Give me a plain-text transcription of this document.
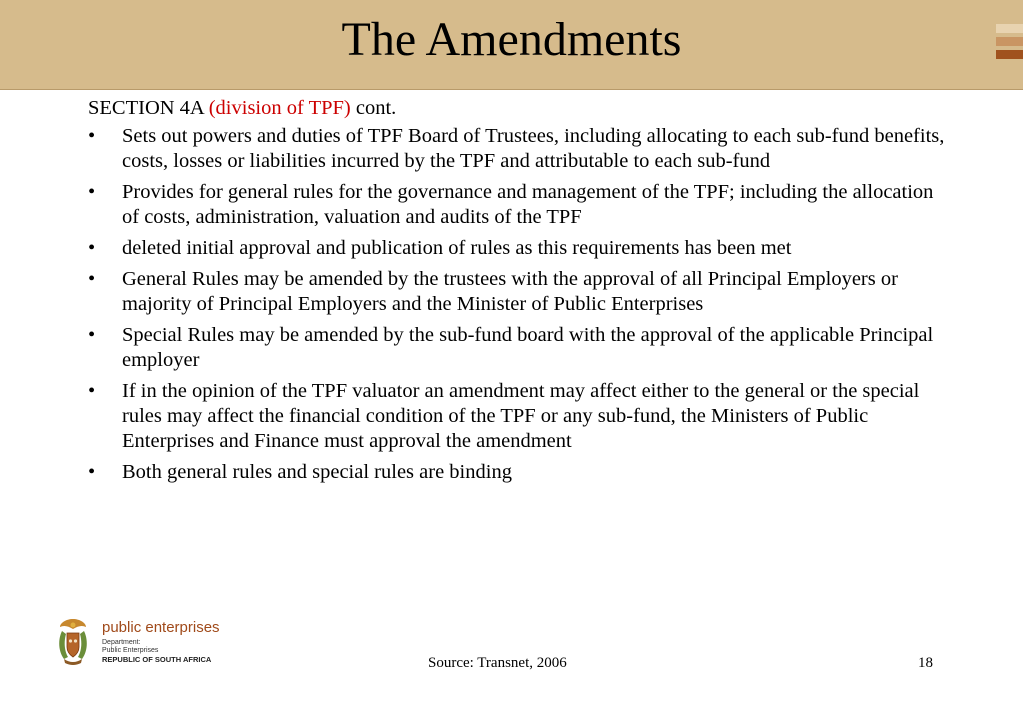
The Amendments
SECTION 4A (division of TPF) cont.
• Sets out powers and duties of TPF Board of Trustees, including allocating to each sub-fund benefits, costs, losses or liabilities incurred by the TPF and attributable to each sub-fund
• Provides for general rules for the governance and management of the TPF; including the allocation of costs, administration, valuation and audits of the TPF
• deleted initial approval and publication of rules as this requirements has been met
• General Rules may be amended by the trustees with the approval of all Principal Employers or majority of Principal Employers and the Minister of Public Enterprises
• Special Rules may be amended by the sub-fund board with the approval of the applicable Principal employer
• If in the opinion of the TPF valuator an amendment may affect either to the general or the special rules may affect the financial condition of the TPF or any sub-fund, the Ministers of Public Enterprises and Finance must approval the amendment
• Both general rules and special rules are binding
public enterprises
Department:
Public Enterprises
REPUBLIC OF SOUTH AFRICA	Source: Transnet, 2006	18
